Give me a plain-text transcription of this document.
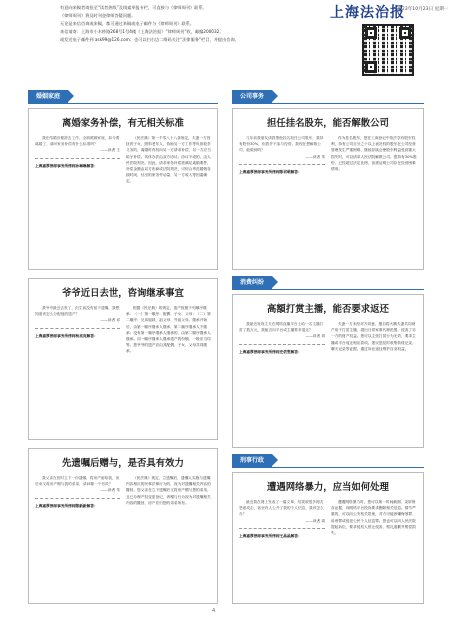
有意向来稿者请投至“读者热线”及线索举报专栏，可直接与《律师周刊》联系。
《律师周刊》将及时刊登律师答疑问题。
无论是来信咨询或来稿，都可通过来稿或电子邮件与《律师周刊》联系。
来信请寄：上海市小木桥路268号1号4楼《上海法治报》“律师周刊”收，邮编200032。
或发送电子邮件到 ask99@126.com；也可以扫右边二维码关注“法律服务”栏目，并提出咨询。
上海法治报
2023年10月23日 星期一
婚姻家庭	公司事务
消费纠纷
刑事行政
离婚家务补偿，有无相关标准

我在结婚后便辞去工作，全职照顾家庭，如今要离婚了，请问家务补偿有什么标准吗？

——读者 王
上海惠厚律师事务所律师孙琳琳解答：

《民法典》第一千零八十八条规定，夫妻一方因抚育子女、照料老年人、协助另一方工作等负担较多义务的，离婚时有权向另一方请求补偿，另一方应当给予补偿。具体办法由双方协议；协议不成的，由人民法院判决。因此，请求家务补偿需满足离婚要件，补偿金额由双方协商或法院判决，可综合考虑婚姻存续时间、付出的家务劳动量、另一方收入等因素确定。

担任挂名股东，能否解散公司

几年前我朋友请我帮他挂名担任公司股东，我持有股份30%，但我并不参与经营。我现在想解散公司，能做到吗？

——读者 朱
上海惠厚律师事务所律师陈君珺解答：

作为挂名股东，您在工商登记中依法享有股东权利，持有公司百分之十以上表决权的股东在公司经营管理发生严重困难、继续存续会使股东利益受到重大损失时，可以请求人民法院解散公司。您持有30%股份，已经超过法定比例，但需证明公司存在经营困难情形。

爷爷近日去世，咨询继承事宜

我爷爷最近去世了，但生前没有留下遗嘱，我想知道该怎么分配他的遗产？

——读者 邓
上海惠厚律师事务所律师杨亮亮解答：

根据《民法典》的规定，遗产按照下列顺序继承：（一）第一顺序：配偶、子女、父母；（二）第二顺序：兄弟姐妹、祖父母、外祖父母。继承开始后，由第一顺序继承人继承，第二顺序继承人不继承；没有第一顺序继承人继承的，由第二顺序继承人继承。同一顺序继承人继承遗产的份额，一般应当均等。您爷爷的遗产应由其配偶、子女、父母共同继承。

高額打赏主播，能否要求返还

我最近发现丈夫在网络直播平台上给一名主播打赏了数万元，我能否向平台或主播要求退还？

——读者 刘
上海惠厚律师事务所律师史依雯解答：

夫妻一方未经对方同意，擅自将大额夫妻共同财产用于打赏主播，超出日常家事代理范围，侵害了另一方的财产权益。您可以主张打赏行为无效，要求主播或平台返还相应款项。建议您及时收集转账记录、聊天记录等证据，通过诉讼途径维护自身权益。

先遗嘱后赠与，是否具有效力

我父亲在世时立下一份遗嘱，将房产留给我，但后来又将房产赠与我的弟弟，请问哪一个有效？

——读者 朱
上海惠厚律师事务所律师陈新新解答：

《民法典》规定，立遗嘱后，遗嘱人实施与遗嘱内容相反的民事法律行为的，视为对遗嘱相关内容的撤回。您父亲在立下遗嘱后又将房产赠与您的弟弟，且已办理产权变更登记，该赠与行为视为对遗嘱相关内容的撤回，房产应归您的弟弟所有。

遭遇网络暴力，应当如何处理

最近我在网上发表了一篇文章，结果被很多网友恶意攻击，甚至有人公开了我的个人信息，我该怎么办？

——读者 周
上海惠厚律师事务所律师王晶晶解答：

遭遇网络暴力时，您可以第一时间截图、录屏保存证据，向网络平台投诉要求删除相关信息。情节严重的，可以向公安机关报案，对方可能涉嫌侮辱罪、诽谤罪或侵犯公民个人信息罪。您也可以向人民法院提起诉讼，要求侵权人停止侵害、赔礼道歉并赔偿损失。

4
